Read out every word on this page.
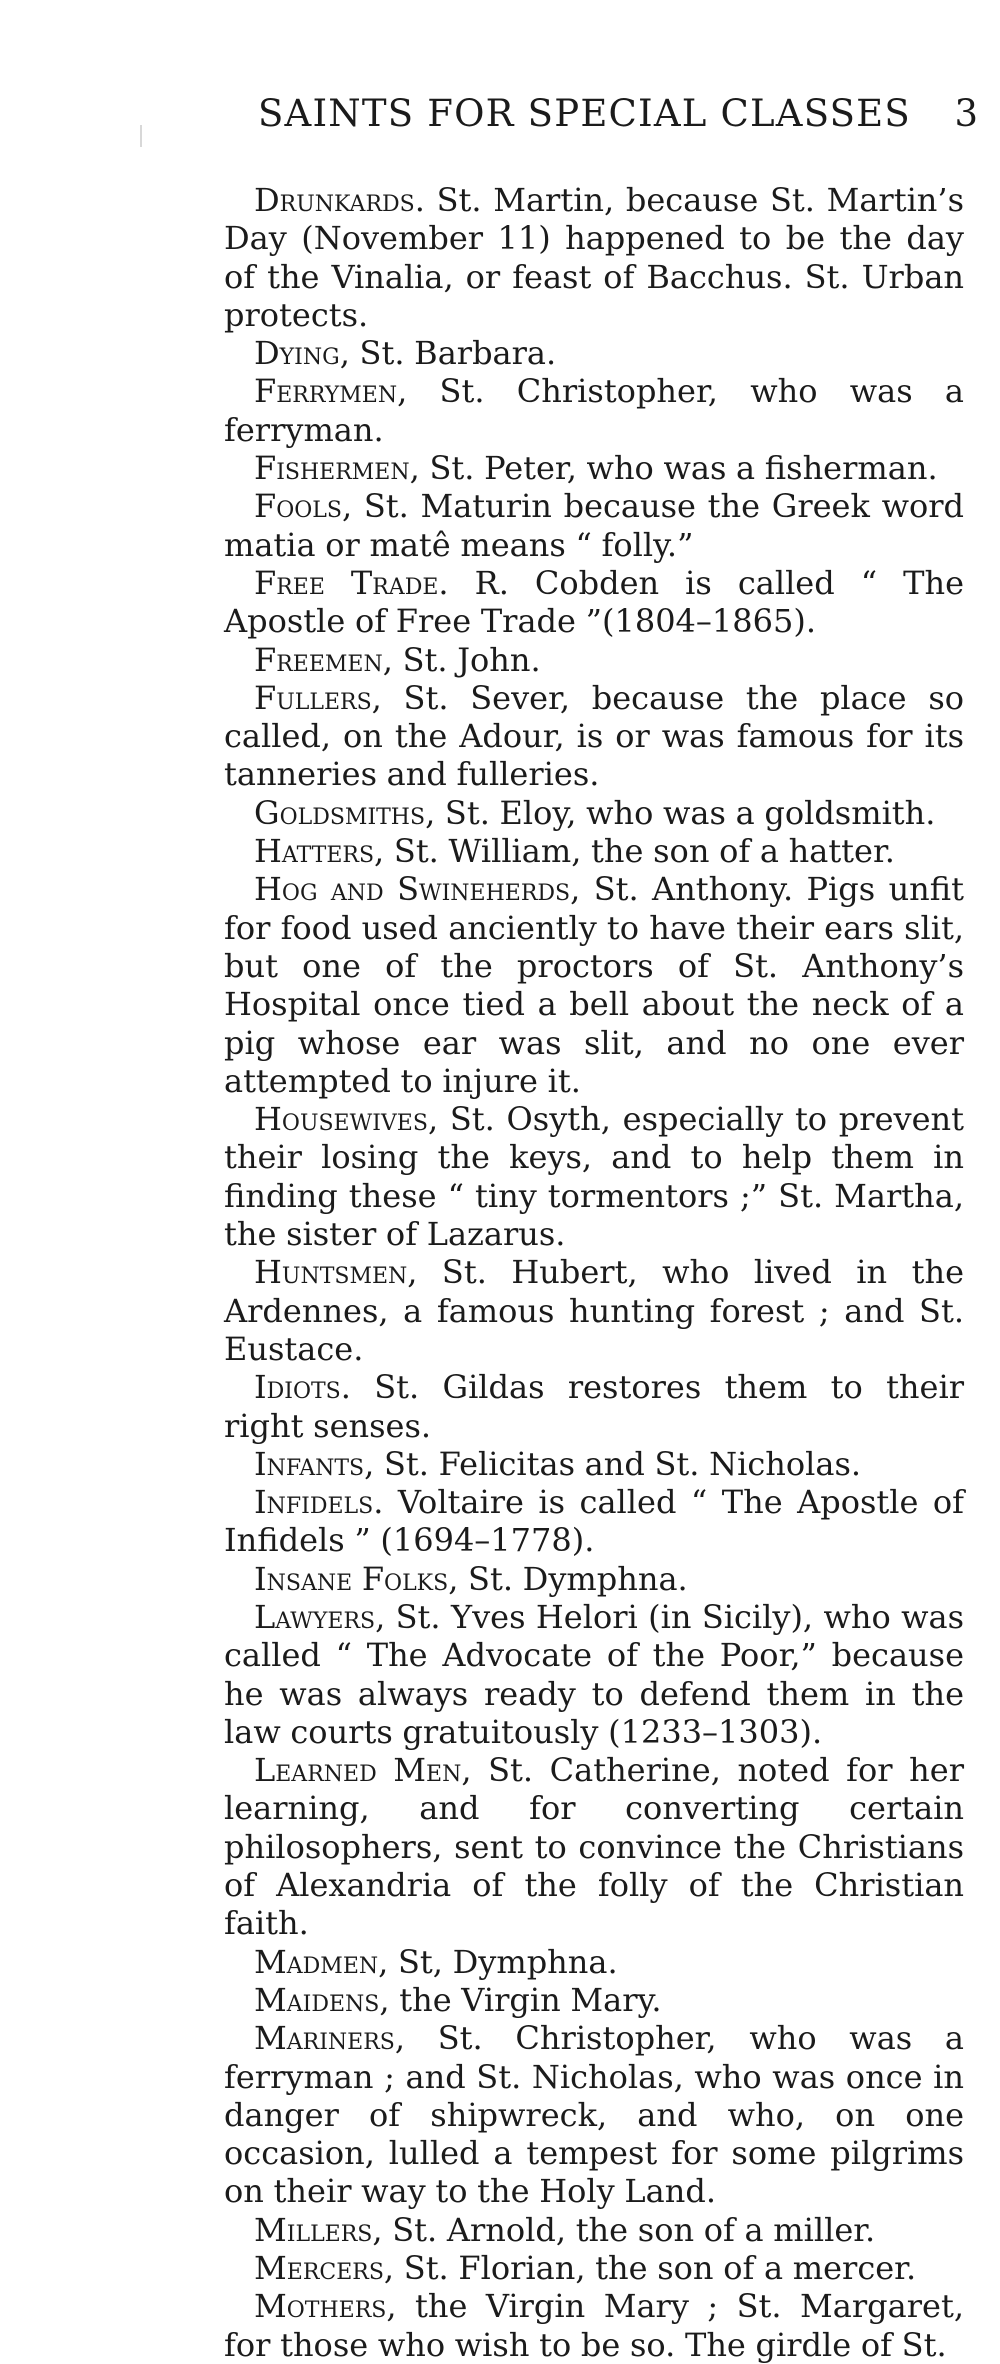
SAINTS FOR SPECIAL CLASSES 3

Drunkards. St. Martin, because St. Martin’s Day (November 11) happened to be the day of the Vinalia, or feast of Bacchus. St. Urban protects.

Dying, St. Barbara.

Ferrymen, St. Christopher, who was a ferryman.

Fishermen, St. Peter, who was a fisherman.

Fools, St. Maturin because the Greek word matia or matê means “ folly.”

Free Trade. R. Cobden is called “ The Apostle of Free Trade ”(1804–1865).

Freemen, St. John.

Fullers, St. Sever, because the place so called, on the Adour, is or was famous for its tanneries and fulleries.

Goldsmiths, St. Eloy, who was a goldsmith.

Hatters, St. William, the son of a hatter.

Hog and Swineherds, St. Anthony. Pigs unfit for food used anciently to have their ears slit, but one of the proctors of St. Anthony’s Hospital once tied a bell about the neck of a pig whose ear was slit, and no one ever attempted to injure it.

Housewives, St. Osyth, especially to prevent their losing the keys, and to help them in finding these “ tiny tormentors ;” St. Martha, the sister of Lazarus.

Huntsmen, St. Hubert, who lived in the Ardennes, a famous hunting forest ; and St. Eustace.

Idiots. St. Gildas restores them to their right senses.

Infants, St. Felicitas and St. Nicholas.

Infidels. Voltaire is called “ The Apostle of Infidels ” (1694–1778).

Insane Folks, St. Dymphna.

Lawyers, St. Yves Helori (in Sicily), who was called “ The Advocate of the Poor,” because he was always ready to defend them in the law courts gratuitously (1233–1303).

Learned Men, St. Catherine, noted for her learning, and for converting certain philosophers, sent to convince the Christians of Alexandria of the folly of the Christian faith.

Madmen, St, Dymphna.

Maidens, the Virgin Mary.

Mariners, St. Christopher, who was a ferryman ; and St. Nicholas, who was once in danger of shipwreck, and who, on one occasion, lulled a tempest for some pilgrims on their way to the Holy Land.

Millers, St. Arnold, the son of a miller.

Mercers, St. Florian, the son of a mercer.

Mothers, the Virgin Mary ; St. Margaret, for those who wish to be so. The girdle of St.
